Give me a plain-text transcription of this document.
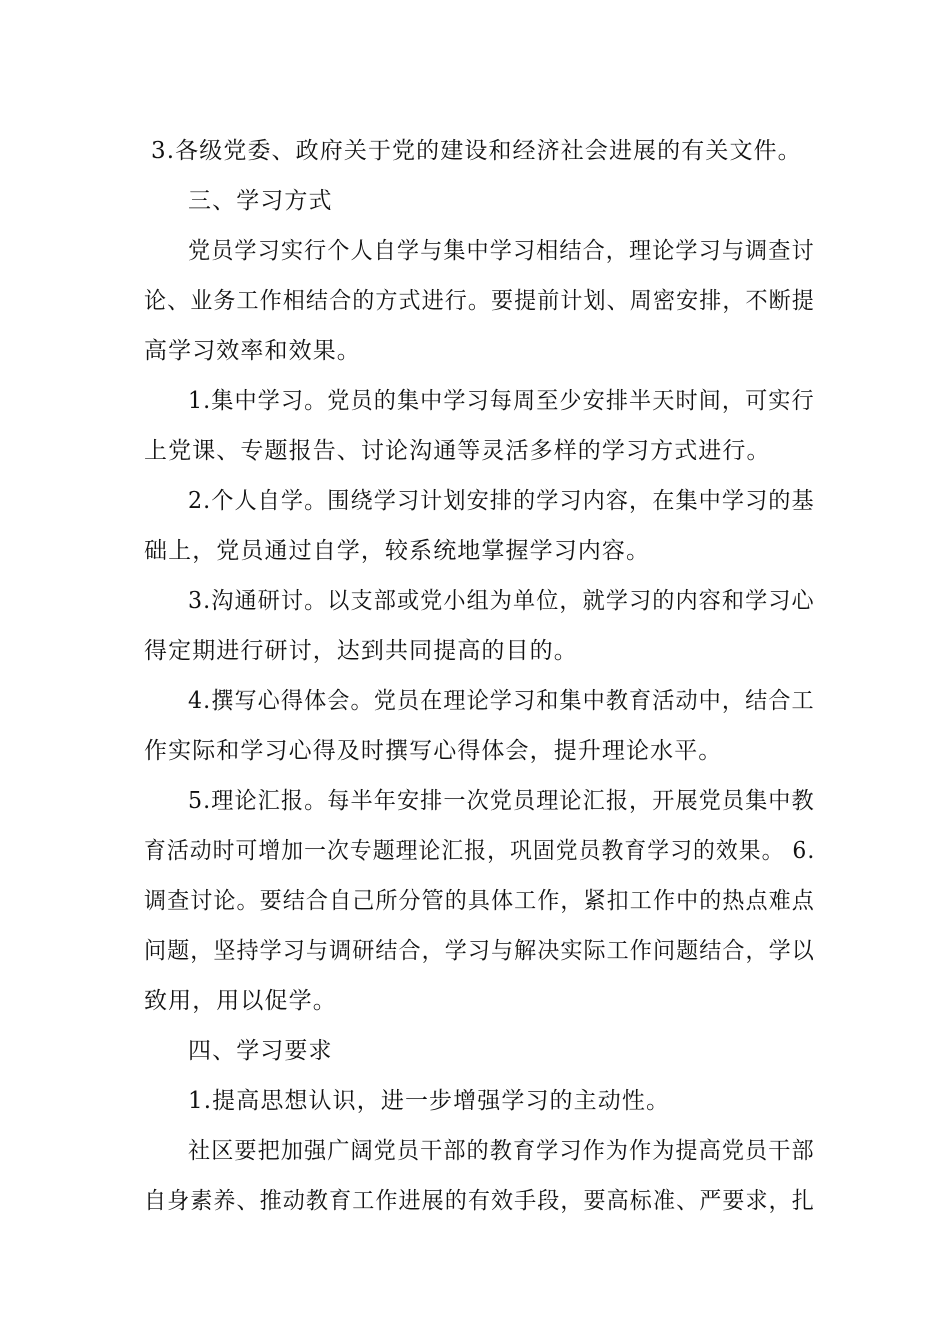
3.各级党委、政府关于党的建设和经济社会进展的有关文件。
三、学习方式
党员学习实行个人自学与集中学习相结合，理论学习与调查讨
论、业务工作相结合的方式进行。要提前计划、周密安排，不断提
高学习效率和效果。
1.集中学习。党员的集中学习每周至少安排半天时间，可实行
上党课、专题报告、讨论沟通等灵活多样的学习方式进行。
2.个人自学。围绕学习计划安排的学习内容，在集中学习的基
础上，党员通过自学，较系统地掌握学习内容。
3.沟通研讨。以支部或党小组为单位，就学习的内容和学习心
得定期进行研讨，达到共同提高的目的。
4.撰写心得体会。党员在理论学习和集中教育活动中，结合工
作实际和学习心得及时撰写心得体会，提升理论水平。
5.理论汇报。每半年安排一次党员理论汇报，开展党员集中教
育活动时可增加一次专题理论汇报，巩固党员教育学习的效果。 6.
调查讨论。要结合自己所分管的具体工作，紧扣工作中的热点难点
问题，坚持学习与调研结合，学习与解决实际工作问题结合，学以
致用，用以促学。
四、学习要求
1.提高思想认识，进一步增强学习的主动性。
社区要把加强广阔党员干部的教育学习作为作为提高党员干部
自身素养、推动教育工作进展的有效手段，要高标准、严要求，扎
